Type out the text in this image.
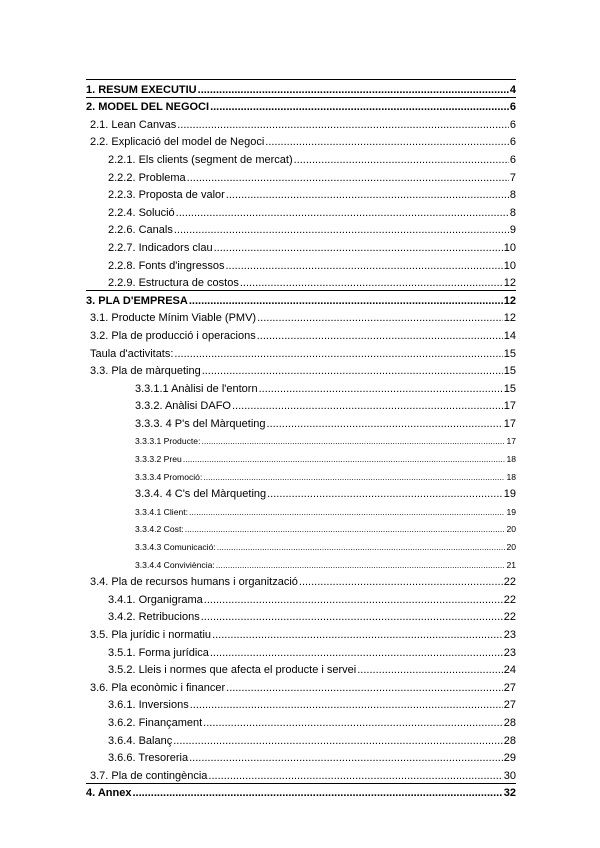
1. RESUM EXECUTIU .....	4
2. MODEL DEL NEGOCI .....	6
2.1. Lean Canvas .....	6
2.2. Explicació del model de Negoci .....	6
2.2.1. Els clients (segment de mercat) .....	6
2.2.2. Problema .....	7
2.2.3. Proposta de valor .....	8
2.2.4. Solució .....	8
2.2.6. Canals .....	9
2.2.7. Indicadors clau .....	10
2.2.8. Fonts d'ingressos .....	10
2.2.9. Estructura de costos .....	12
3. PLA D'EMPRESA .....	12
3.1. Producte Mínim Viable (PMV) .....	12
3.2. Pla de producció i operacions .....	14
Taula d'activitats: .....	15
3.3. Pla de màrqueting .....	15
3.3.1.1 Anàlisi de l'entorn .....	15
3.3.2. Anàlisi DAFO .....	17
3.3.3. 4 P's del Màrqueting .....	17
3.3.3.1 Producte: .....	17
3.3.3.2 Preu .....	18
3.3.3.4 Promoció: .....	18
3.3.4. 4 C's del Màrqueting .....	19
3.3.4.1 Client: .....	19
3.3.4.2 Cost: .....	20
3.3.4.3 Comunicació: .....	20
3.3.4.4 Conviviència: .....	21
3.4. Pla de recursos humans i organització .....	22
3.4.1. Organigrama .....	22
3.4.2. Retribucions .....	22
3.5. Pla jurídic i normatiu .....	23
3.5.1. Forma jurídica .....	23
3.5.2. Lleis i normes que afecta el producte i servei .....	24
3.6. Pla econòmic i financer .....	27
3.6.1. Inversions .....	27
3.6.2. Finançament .....	28
3.6.4. Balanç .....	28
3.6.6. Tresoreria .....	29
3.7. Pla de contingència .....	30
4. Annex .....	32
